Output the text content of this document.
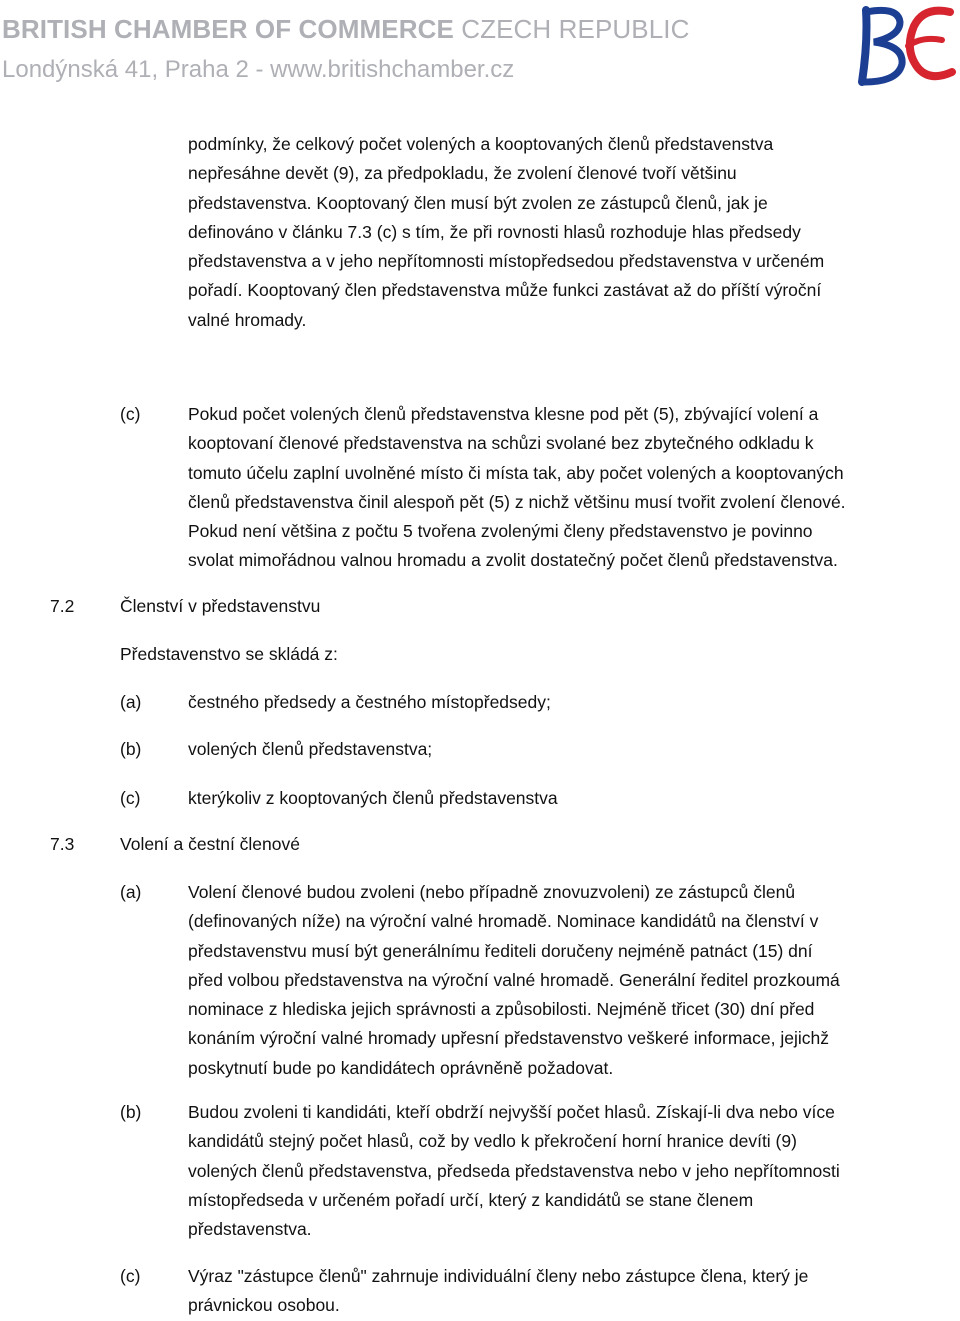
BRITISH CHAMBER OF COMMERCE CZECH REPUBLIC

Londýnská 41, Praha 2 - www.britishchamber.cz

podmínky, že celkový počet volených a kooptovaných členů představenstva
nepřesáhne devět (9), za předpokladu, že zvolení členové tvoří většinu
představenstva. Kooptovaný člen musí být zvolen ze zástupců členů, jak je
definováno v článku 7.3 (c) s tím, že při rovnosti hlasů rozhoduje hlas předsedy
představenstva a v jeho nepřítomnosti místopředsedou představenstva v určeném
pořadí. Kooptovaný člen představenstva může funkci zastávat až do příští výroční
valné hromady.

(c)	Pokud počet volených členů představenstva klesne pod pět (5), zbývající volení a
kooptovaní členové představenstva na schůzi svolané bez zbytečného odkladu k
tomuto účelu zaplní uvolněné místo či místa tak, aby počet volených a kooptovaných
členů představenstva činil alespoň pět (5) z nichž většinu musí tvořit zvolení členové.
Pokud není většina z počtu 5 tvořena zvolenými členy představenstvo je povinno
svolat mimořádnou valnou hromadu a zvolit dostatečný počet členů představenstva.

7.2	Členství v představenstvu

Představenstvo se skládá z:

(a)	čestného předsedy a čestného místopředsedy;

(b)	volených členů představenstva;

(c)	kterýkoliv z kooptovaných členů představenstva

7.3	Volení a čestní členové

(a)	Volení členové budou zvoleni (nebo případně znovuzvoleni) ze zástupců členů
(definovaných níže) na výroční valné hromadě. Nominace kandidátů na členství v
představenstvu musí být generálnímu řediteli doručeny nejméně patnáct (15) dní
před volbou představenstva na výroční valné hromadě. Generální ředitel prozkoumá
nominace z hlediska jejich správnosti a způsobilosti. Nejméně třicet (30) dní před
konáním výroční valné hromady upřesní představenstvo veškeré informace, jejichž
poskytnutí bude po kandidátech oprávněně požadovat.

(b)	Budou zvoleni ti kandidáti, kteří obdrží nejvyšší počet hlasů. Získají-li dva nebo více
kandidátů stejný počet hlasů, což by vedlo k překročení horní hranice devíti (9)
volených členů představenstva, předseda představenstva nebo v jeho nepřítomnosti
místopředseda v určeném pořadí určí, který z kandidátů se stane členem
představenstva.

(c)	Výraz "zástupce členů" zahrnuje individuální členy nebo zástupce člena, který je
právnickou osobou.
